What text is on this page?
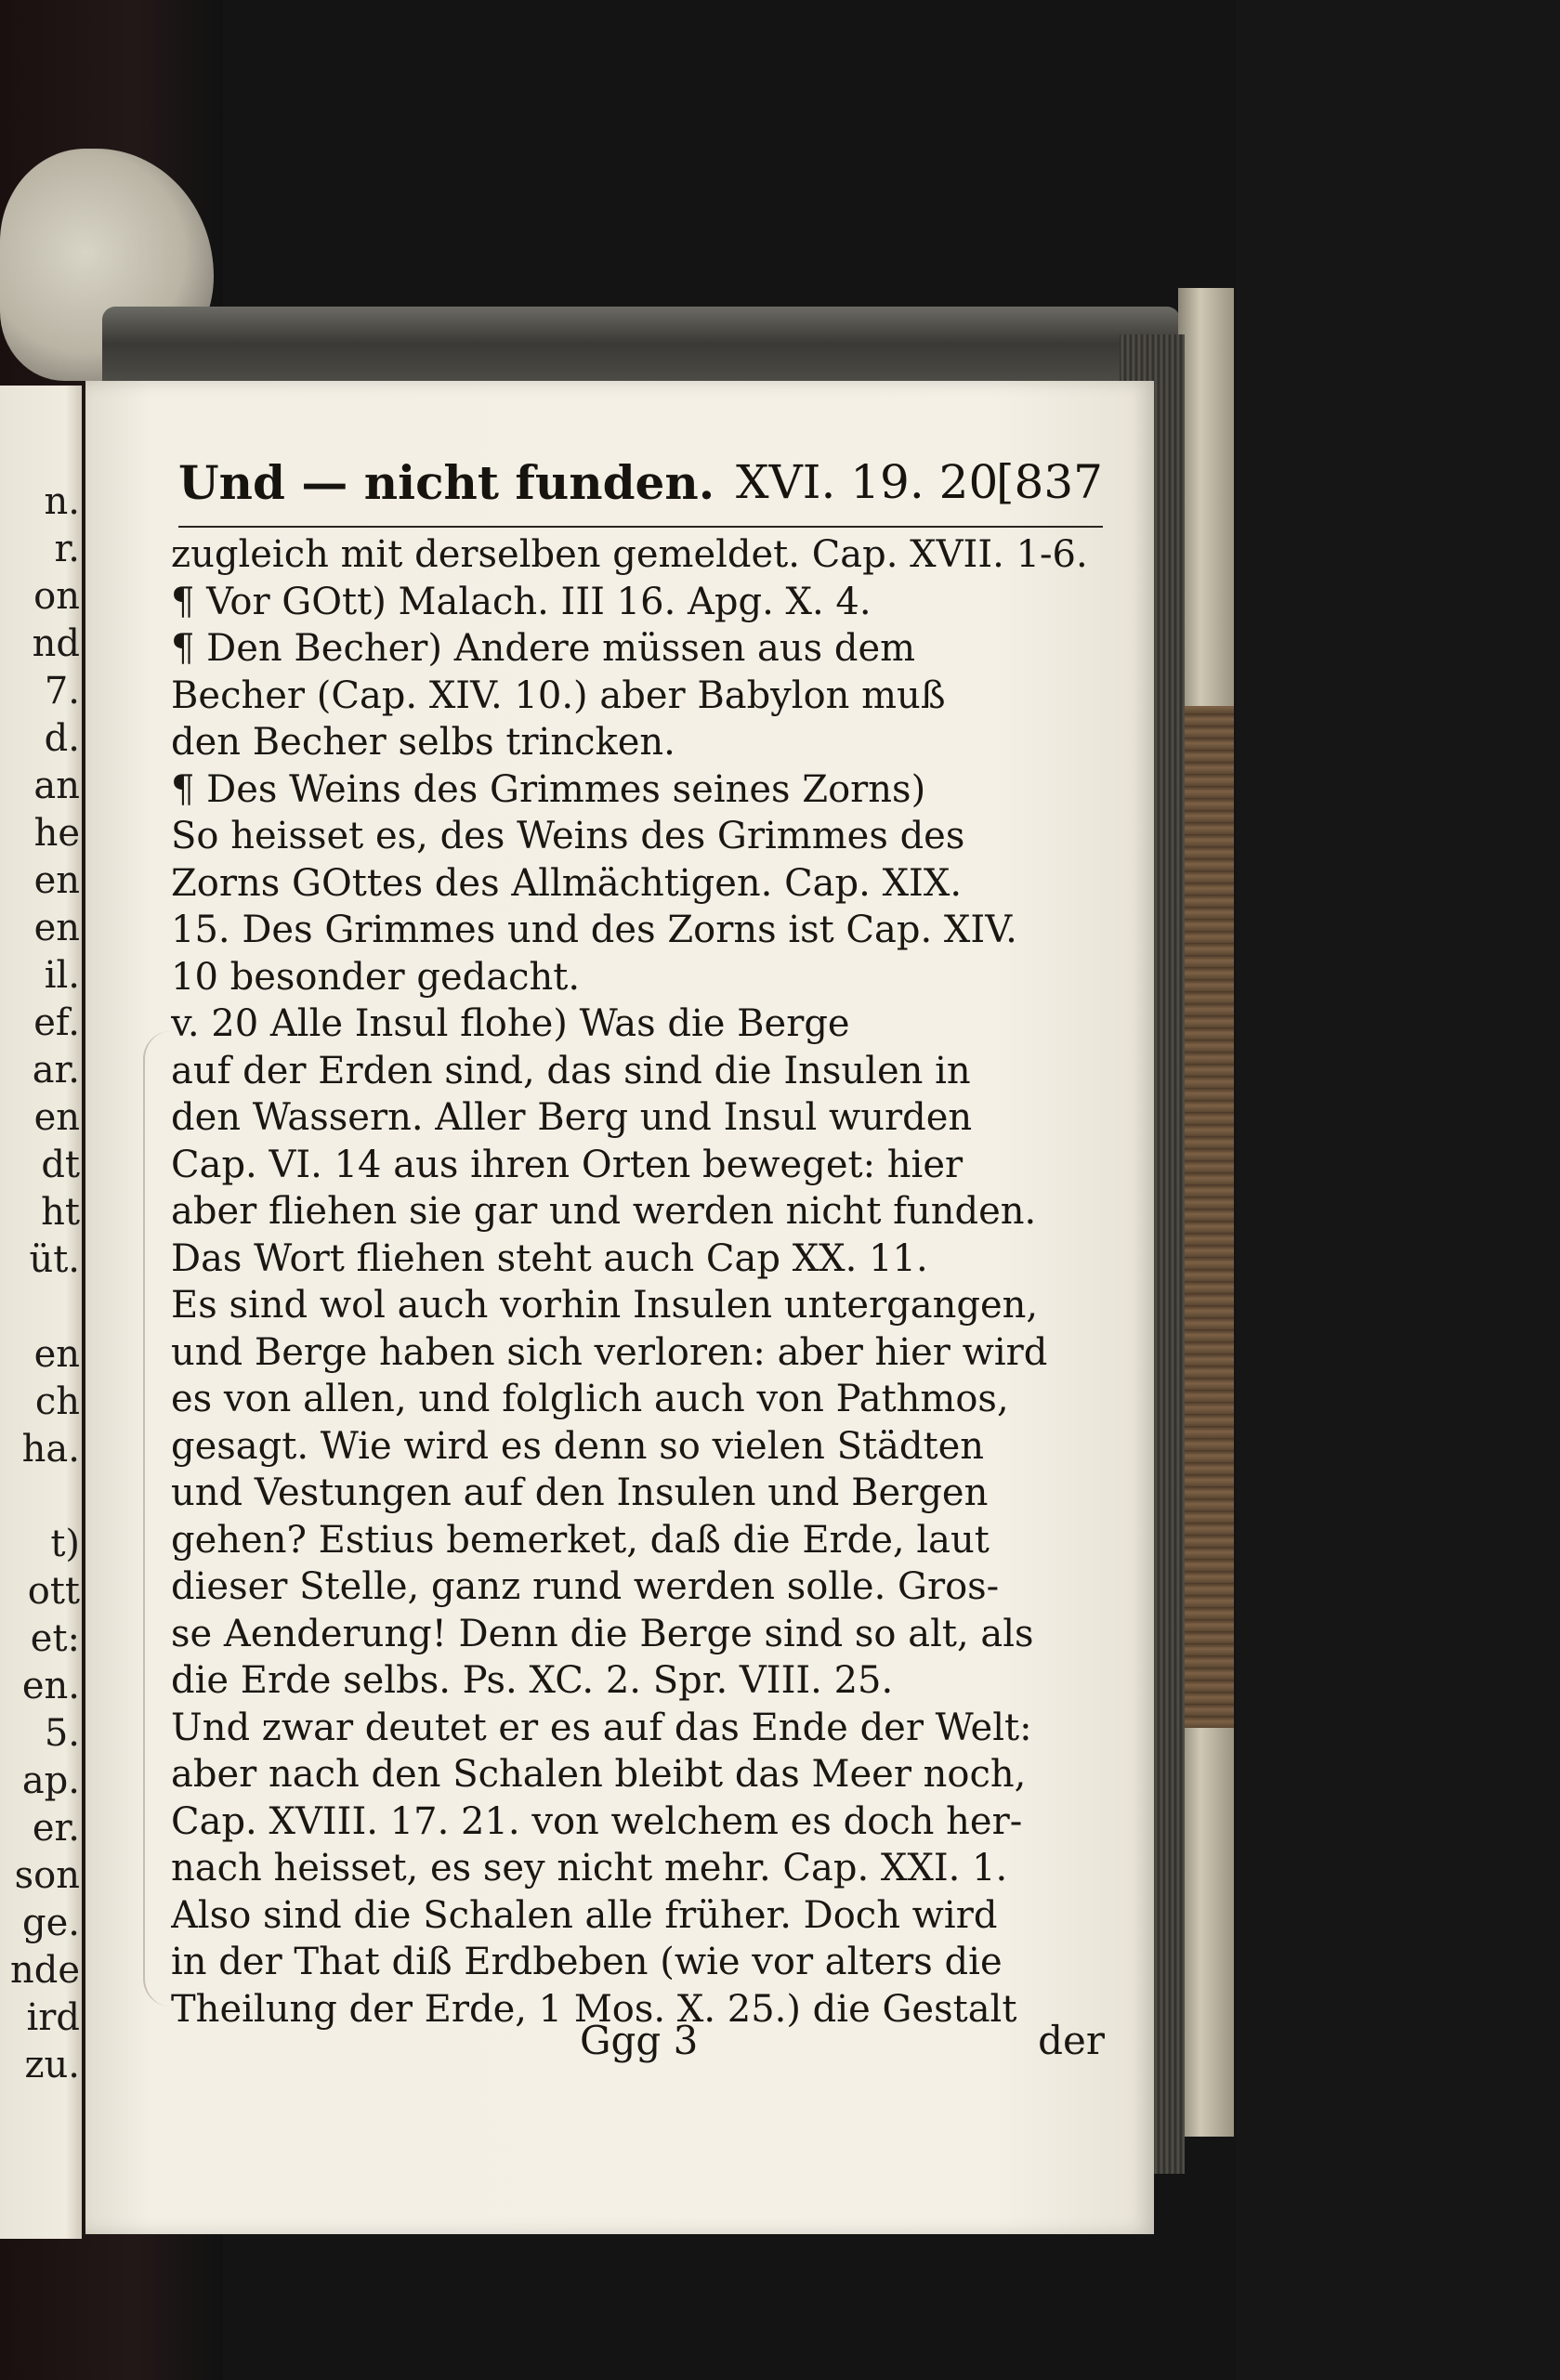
n.
r.
on
nd
7.
d.
an
he
en
en
il.
ef.
ar.
en
dt
ht
üt.
en
ch
ha.
t)
ott
et:
en.
5.
ap.
er.
son
ge.
nde
ird
zu.
Und — nicht funden. XVI. 19. 20
[837
zugleich mit derselben gemeldet. Cap. XVII. 1-6.
¶ Vor GOtt) Malach. III 16. Apg. X. 4.
¶ Den Becher) Andere müssen aus dem
Becher (Cap. XIV. 10.) aber Babylon muß
den Becher selbs trincken.
¶ Des Weins des Grimmes seines Zorns)
So heisset es, des Weins des Grimmes des
Zorns GOttes des Allmächtigen. Cap. XIX.
15. Des Grimmes und des Zorns ist Cap. XIV.
10 besonder gedacht.
v. 20 Alle Insul flohe) Was die Berge
auf der Erden sind, das sind die Insulen in
den Wassern. Aller Berg und Insul wurden
Cap. VI. 14 aus ihren Orten beweget: hier
aber fliehen sie gar und werden nicht funden.
Das Wort fliehen steht auch Cap XX. 11.
Es sind wol auch vorhin Insulen untergangen,
und Berge haben sich verloren: aber hier wird
es von allen, und folglich auch von Pathmos,
gesagt. Wie wird es denn so vielen Städten
und Vestungen auf den Insulen und Bergen
gehen? Estius bemerket, daß die Erde, laut
dieser Stelle, ganz rund werden solle. Gros-
se Aenderung! Denn die Berge sind so alt, als
die Erde selbs. Ps. XC. 2. Spr. VIII. 25.
Und zwar deutet er es auf das Ende der Welt:
aber nach den Schalen bleibt das Meer noch,
Cap. XVIII. 17. 21. von welchem es doch her-
nach heisset, es sey nicht mehr. Cap. XXI. 1.
Also sind die Schalen alle früher. Doch wird
in der That diß Erdbeben (wie vor alters die
Theilung der Erde, 1 Mos. X. 25.) die Gestalt
Ggg 3	der
